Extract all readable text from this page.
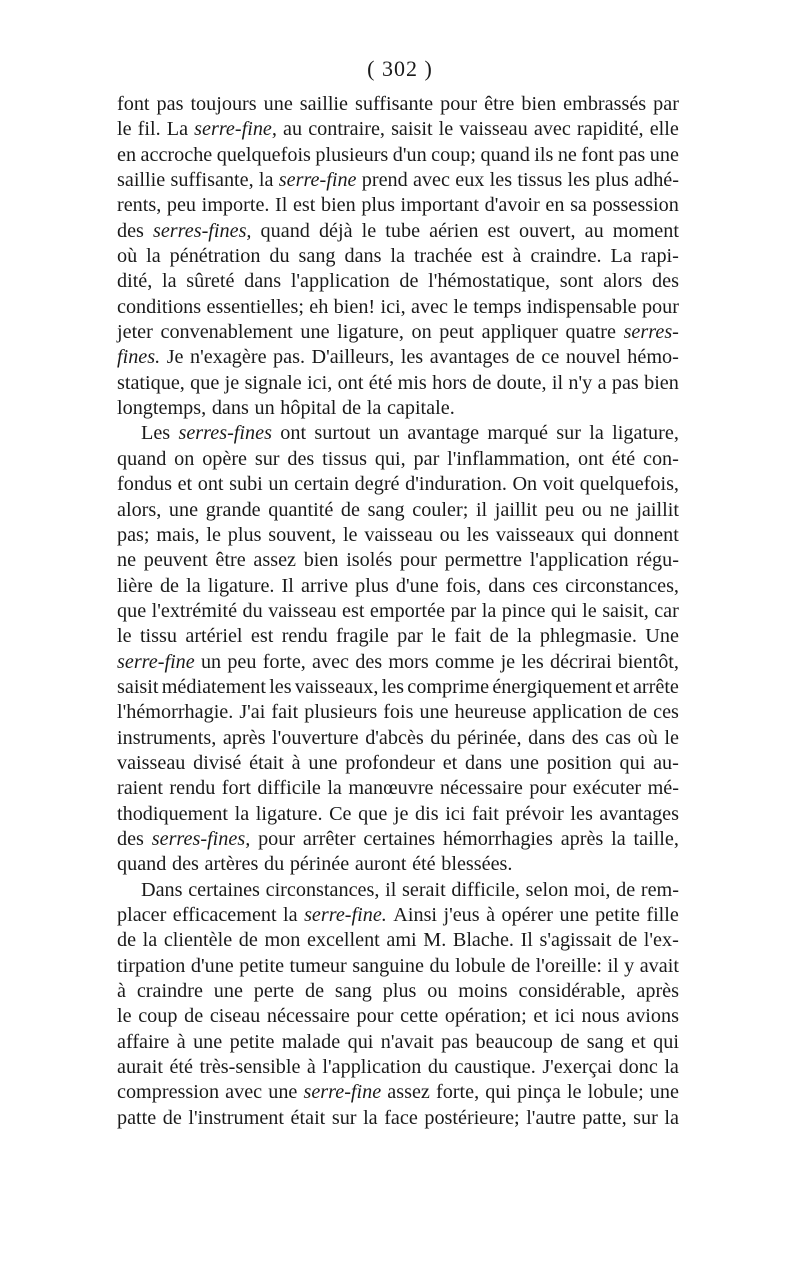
( 302 )
font pas toujours une saillie suffisante pour être bien embrassés par
le fil. La serre-fine, au contraire, saisit le vaisseau avec rapidité, elle
en accroche quelquefois plusieurs d'un coup; quand ils ne font pas une
saillie suffisante, la serre-fine prend avec eux les tissus les plus adhé-
rents, peu importe. Il est bien plus important d'avoir en sa possession
des serres-fines, quand déjà le tube aérien est ouvert, au moment
où la pénétration du sang dans la trachée est à craindre. La rapi-
dité, la sûreté dans l'application de l'hémostatique, sont alors des
conditions essentielles; eh bien! ici, avec le temps indispensable pour
jeter convenablement une ligature, on peut appliquer quatre serres-
fines. Je n'exagère pas. D'ailleurs, les avantages de ce nouvel hémo-
statique, que je signale ici, ont été mis hors de doute, il n'y a pas bien
longtemps, dans un hôpital de la capitale.
Les serres-fines ont surtout un avantage marqué sur la ligature,
quand on opère sur des tissus qui, par l'inflammation, ont été con-
fondus et ont subi un certain degré d'induration. On voit quelquefois,
alors, une grande quantité de sang couler; il jaillit peu ou ne jaillit
pas; mais, le plus souvent, le vaisseau ou les vaisseaux qui donnent
ne peuvent être assez bien isolés pour permettre l'application régu-
lière de la ligature. Il arrive plus d'une fois, dans ces circonstances,
que l'extrémité du vaisseau est emportée par la pince qui le saisit, car
le tissu artériel est rendu fragile par le fait de la phlegmasie. Une
serre-fine un peu forte, avec des mors comme je les décrirai bientôt,
saisit médiatement les vaisseaux, les comprime énergiquement et arrête
l'hémorrhagie. J'ai fait plusieurs fois une heureuse application de ces
instruments, après l'ouverture d'abcès du périnée, dans des cas où le
vaisseau divisé était à une profondeur et dans une position qui au-
raient rendu fort difficile la manœuvre nécessaire pour exécuter mé-
thodiquement la ligature. Ce que je dis ici fait prévoir les avantages
des serres-fines, pour arrêter certaines hémorrhagies après la taille,
quand des artères du périnée auront été blessées.
Dans certaines circonstances, il serait difficile, selon moi, de rem-
placer efficacement la serre-fine. Ainsi j'eus à opérer une petite fille
de la clientèle de mon excellent ami M. Blache. Il s'agissait de l'ex-
tirpation d'une petite tumeur sanguine du lobule de l'oreille: il y avait
à craindre une perte de sang plus ou moins considérable, après
le coup de ciseau nécessaire pour cette opération; et ici nous avions
affaire à une petite malade qui n'avait pas beaucoup de sang et qui
aurait été très-sensible à l'application du caustique. J'exerçai donc la
compression avec une serre-fine assez forte, qui pinça le lobule; une
patte de l'instrument était sur la face postérieure; l'autre patte, sur la
